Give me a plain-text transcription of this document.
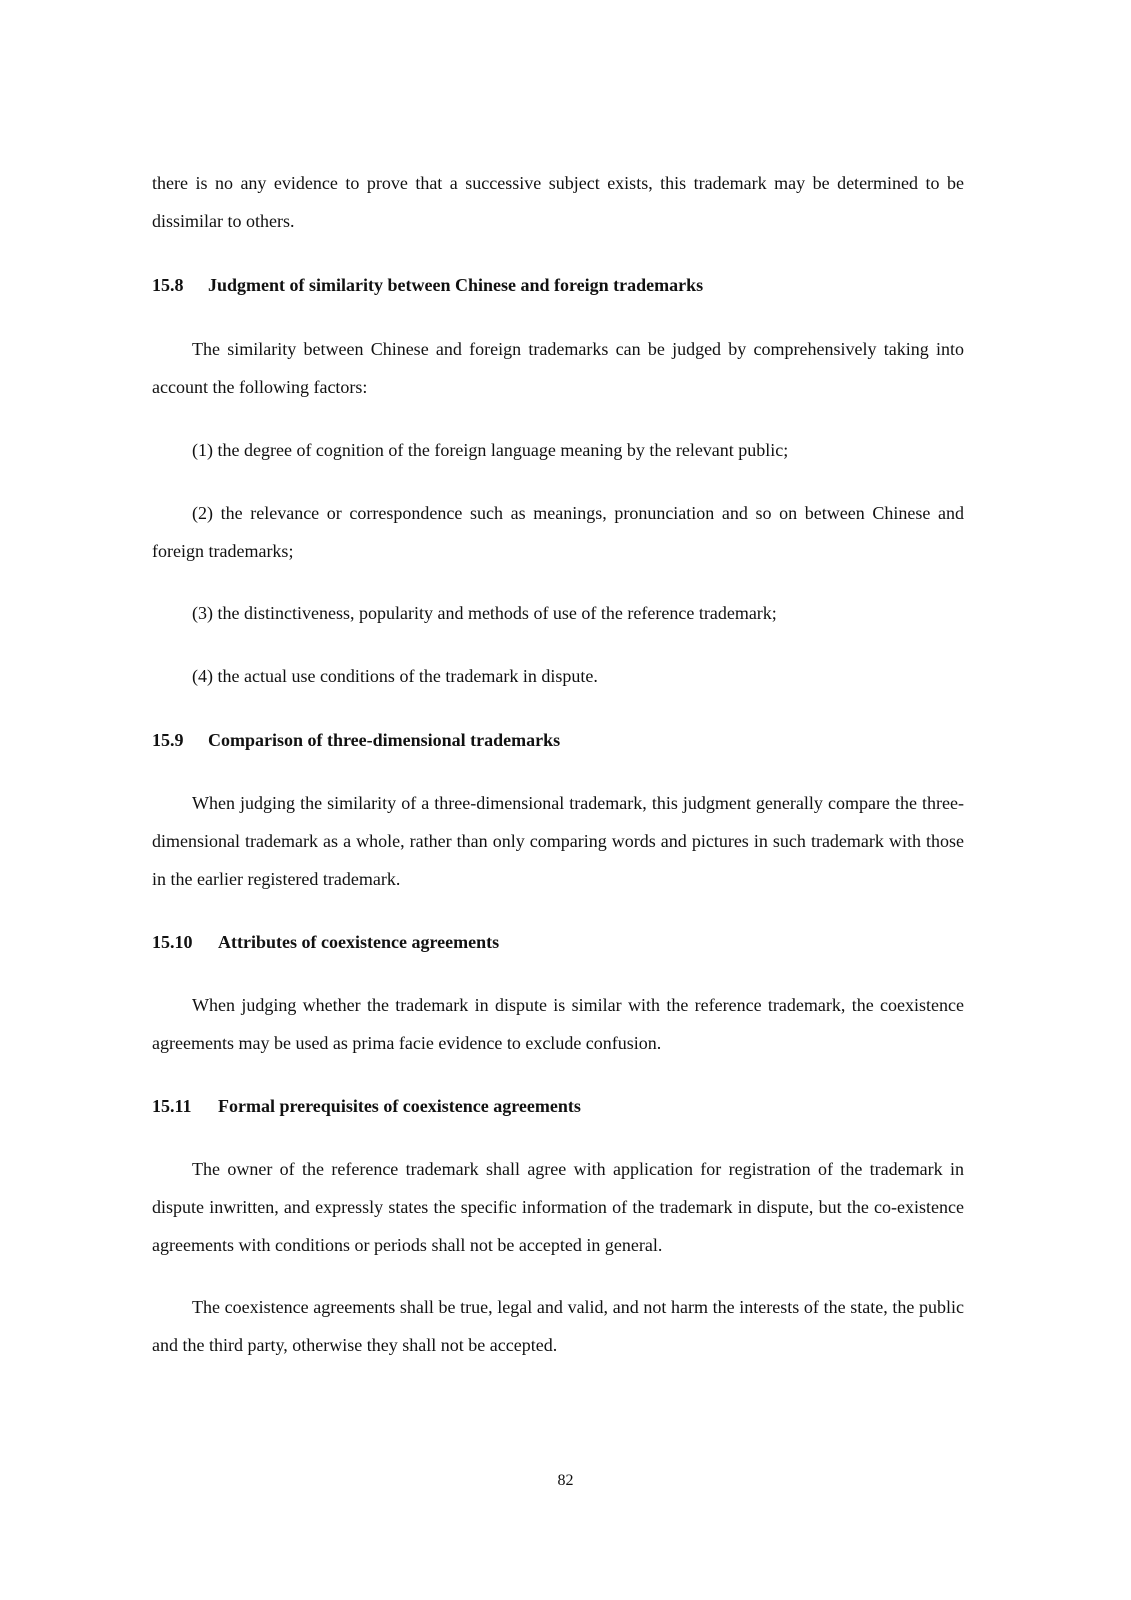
there is no any evidence to prove that a successive subject exists, this trademark may be determined to be dissimilar to others.

15.8 Judgment of similarity between Chinese and foreign trademarks

The similarity between Chinese and foreign trademarks can be judged by comprehensively taking into account the following factors:

(1) the degree of cognition of the foreign language meaning by the relevant public;

(2) the relevance or correspondence such as meanings, pronunciation and so on between Chinese and foreign trademarks;

(3) the distinctiveness, popularity and methods of use of the reference trademark;

(4) the actual use conditions of the trademark in dispute.

15.9 Comparison of three-dimensional trademarks

When judging the similarity of a three-dimensional trademark, this judgment generally compare the three-dimensional trademark as a whole, rather than only comparing words and pictures in such trademark with those in the earlier registered trademark.

15.10 Attributes of coexistence agreements

When judging whether the trademark in dispute is similar with the reference trademark, the coexistence agreements may be used as prima facie evidence to exclude confusion.

15.11 Formal prerequisites of coexistence agreements

The owner of the reference trademark shall agree with application for registration of the trademark in dispute inwritten, and expressly states the specific information of the trademark in dispute, but the co-existence agreements with conditions or periods shall not be accepted in general.

The coexistence agreements shall be true, legal and valid, and not harm the interests of the state, the public and the third party, otherwise they shall not be accepted.

82
